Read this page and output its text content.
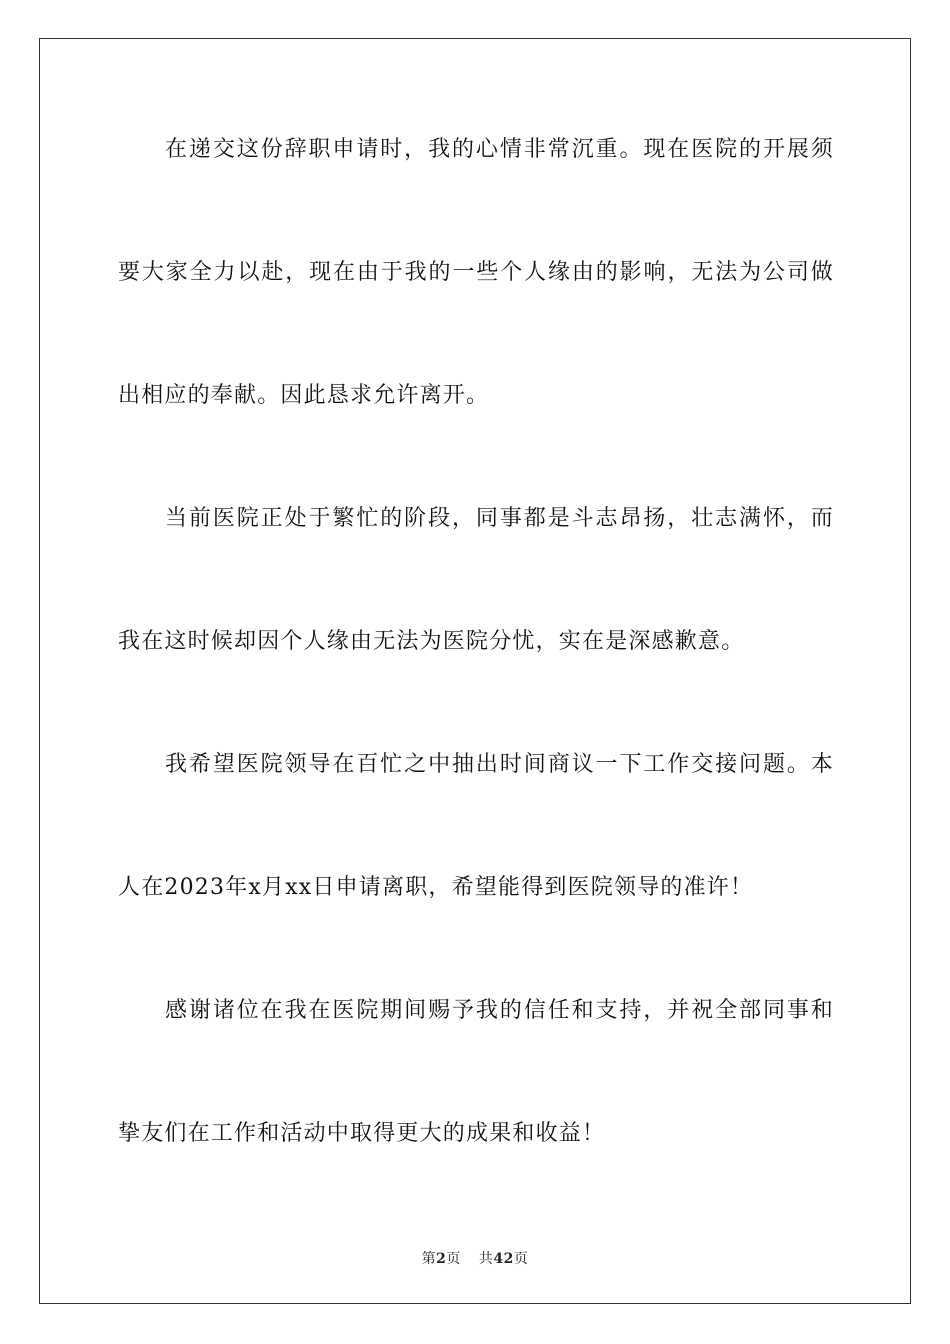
在递交这份辞职申请时，我的心情非常沉重。现在医院的开展须
要大家全力以赴，现在由于我的一些个人缘由的影响，无法为公司做
出相应的奉献。因此恳求允许离开。
当前医院正处于繁忙的阶段，同事都是斗志昂扬，壮志满怀，而
我在这时候却因个人缘由无法为医院分忧，实在是深感歉意。
我希望医院领导在百忙之中抽出时间商议一下工作交接问题。本
人在2023年x月xx日申请离职，希望能得到医院领导的准许！
感谢诸位在我在医院期间赐予我的信任和支持，并祝全部同事和
挚友们在工作和活动中取得更大的成果和收益！
第2页 共42页
